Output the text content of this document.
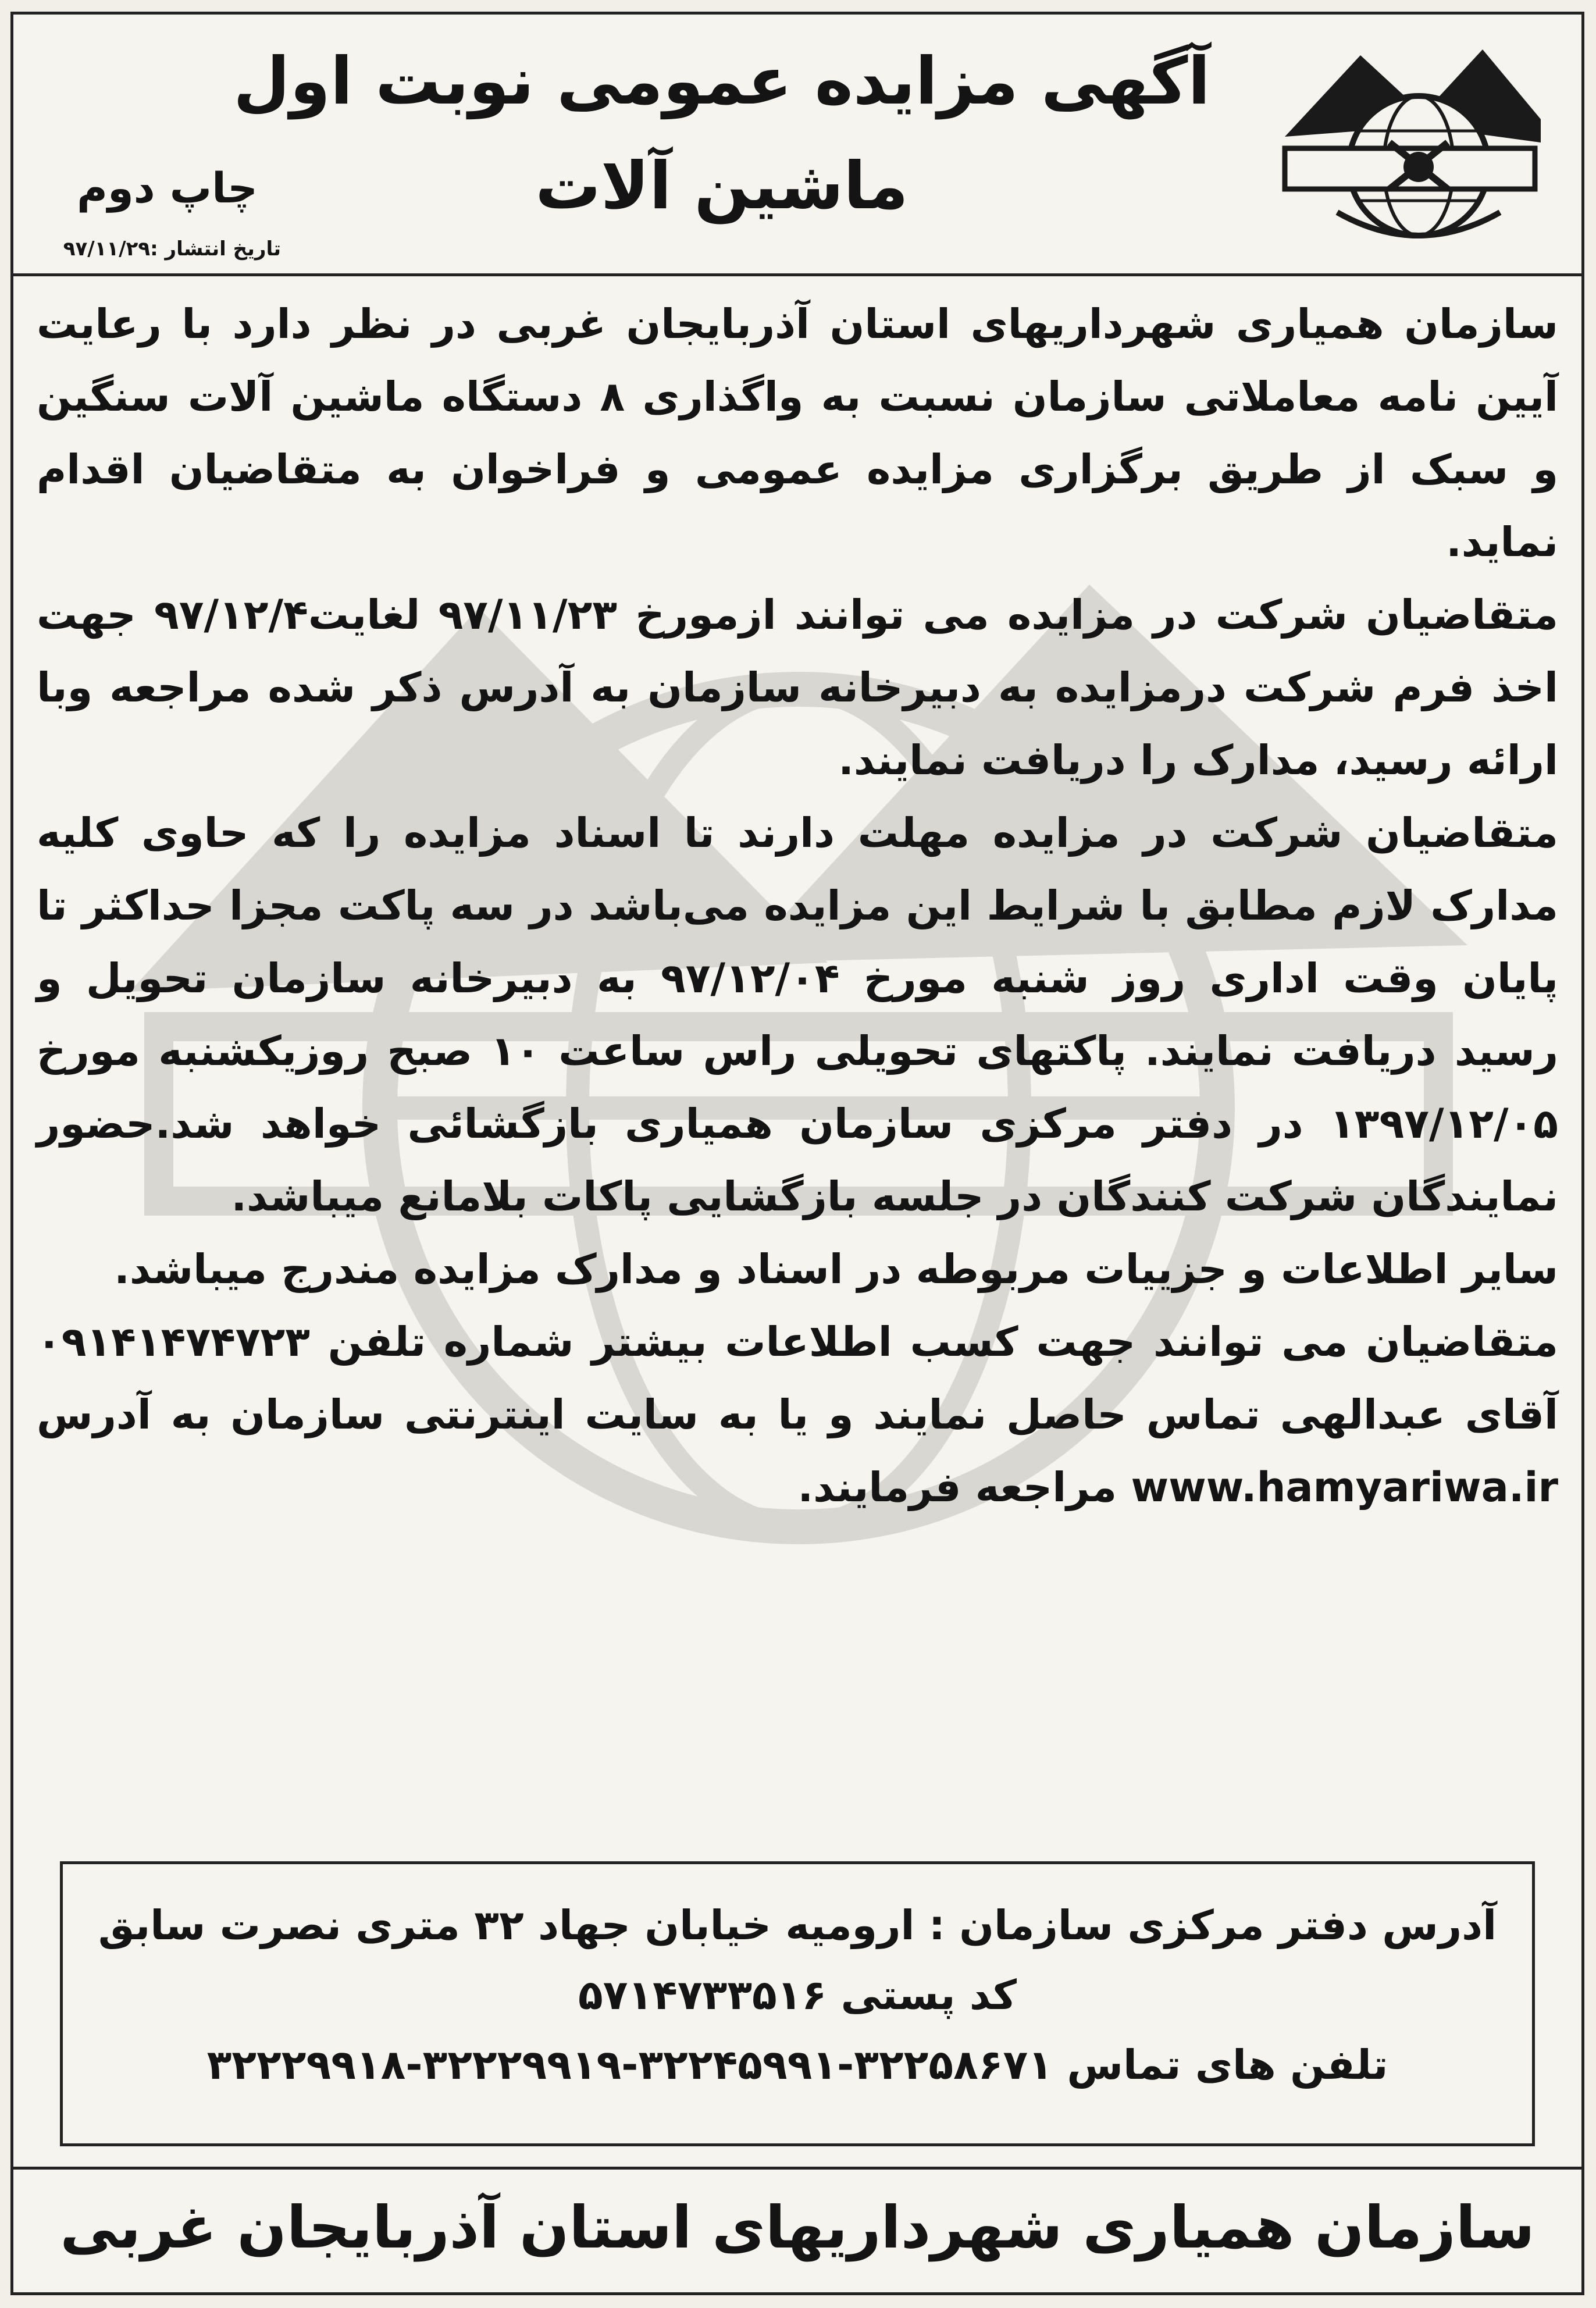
آگهی مزایده عمومی نوبت اول
ماشین آلات
چاپ دوم
تاریخ انتشار :۹۷/۱۱/۲۹

سازمان همیاری شهرداریهای استان آذربایجان غربی در نظر دارد با رعایت آیین نامه معاملاتی سازمان نسبت به واگذاری ۸ دستگاه ماشین آلات سنگین و سبک از طریق برگزاری مزایده عمومی و فراخوان به متقاضیان اقدام نماید.

متقاضیان شرکت در مزایده می توانند ازمورخ ۹۷/۱۱/۲۳ لغایت۹۷/۱۲/۴ جهت اخذ فرم شرکت درمزایده به دبیرخانه سازمان به آدرس ذکر شده مراجعه وبا ارائه رسید، مدارک را دریافت نمایند.

متقاضیان شرکت در مزایده مهلت دارند تا اسناد مزایده را که حاوی کلیه مدارک لازم مطابق با شرایط این مزایده می‌باشد در سه پاکت مجزا حداکثر تا پایان وقت اداری روز شنبه مورخ ۹۷/۱۲/۰۴ به دبیرخانه سازمان تحویل و رسید دریافت نمایند. پاکتهای تحویلی راس ساعت ۱۰ صبح روزیکشنبه مورخ ۱۳۹۷/۱۲/۰۵ در دفتر مرکزی سازمان همیاری بازگشائی خواهد شد.حضور نمایندگان شرکت کنندگان در جلسه بازگشایی پاکات بلامانع میباشد.

سایر اطلاعات و جزییات مربوطه در اسناد و مدارک مزایده مندرج میباشد.

متقاضیان می توانند جهت کسب اطلاعات بیشتر شماره تلفن ۰۹۱۴۱۴۷۴۷۲۳ آقای عبدالهی تماس حاصل نمایند و یا به سایت اینترنتی سازمان به آدرس www.hamyariwa.ir مراجعه فرمایند.

آدرس دفتر مرکزی سازمان : ارومیه خیابان جهاد ۳۲ متری نصرت سابق
کد پستی ۵۷۱۴۷۳۳۵۱۶
تلفن های تماس ۳۲۲۵۸۶۷۱-۳۲۲۴۵۹۹۱-۳۲۲۲۹۹۱۹-۳۲۲۲۹۹۱۸
سازمان همیاری شهرداریهای استان آذربایجان غربی
